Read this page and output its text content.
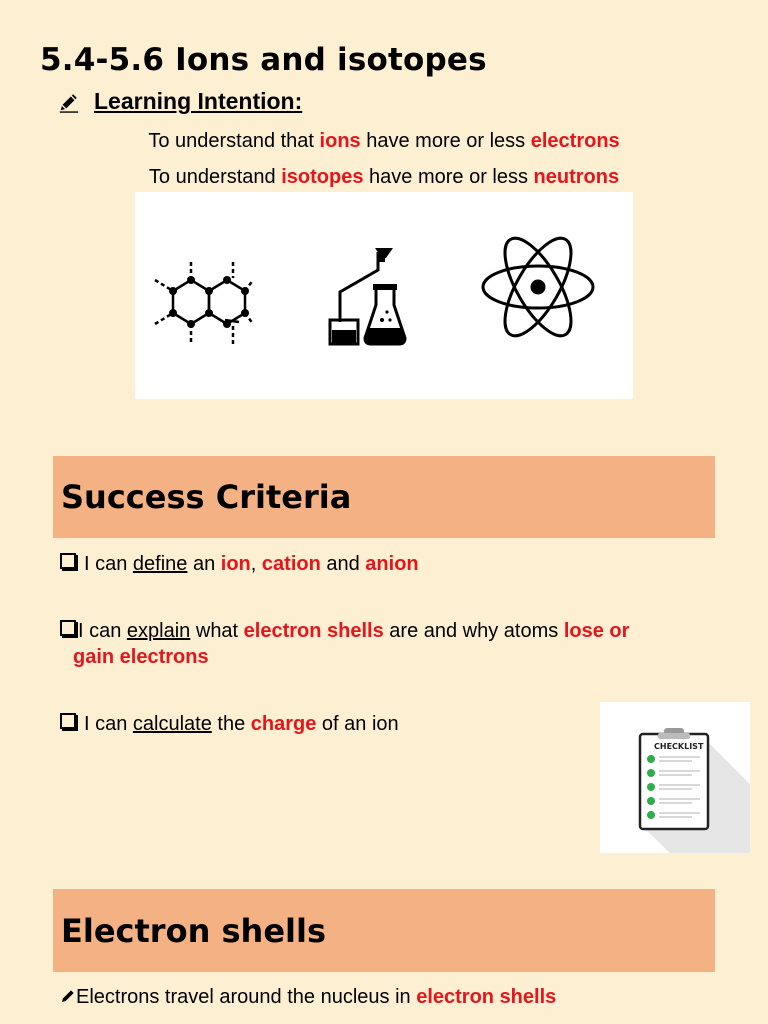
5.4-5.6 Ions and isotopes
Learning Intention:
To understand that ions have more or less electrons
To understand isotopes have more or less neutrons
Success Criteria
I can define an ion, cation and anion
I can explain what electron shells are and why atoms lose or
gain electrons
I can calculate the charge of an ion
CHECKLIST
Electron shells
Electrons travel around the nucleus in electron shells
